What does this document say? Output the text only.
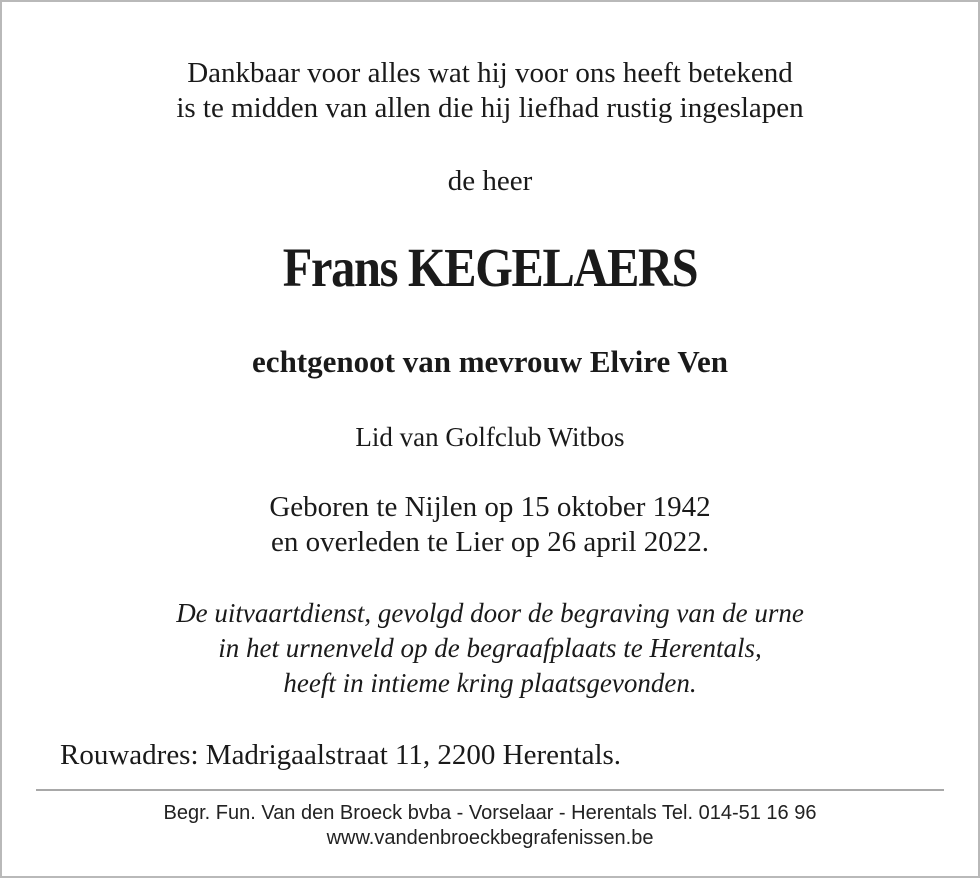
Dankbaar voor alles wat hij voor ons heeft betekend
is te midden van allen die hij liefhad rustig ingeslapen
de heer
Frans KEGELAERS
echtgenoot van mevrouw Elvire Ven
Lid van Golfclub Witbos
Geboren te Nijlen op 15 oktober 1942
en overleden te Lier op 26 april 2022.
De uitvaartdienst, gevolgd door de begraving van de urne
in het urnenveld op de begraafplaats te Herentals,
heeft in intieme kring plaatsgevonden.
Rouwadres: Madrigaalstraat 11, 2200 Herentals.
Begr. Fun. Van den Broeck bvba - Vorselaar - Herentals Tel. 014-51 16 96
www.vandenbroeckbegrafenissen.be
